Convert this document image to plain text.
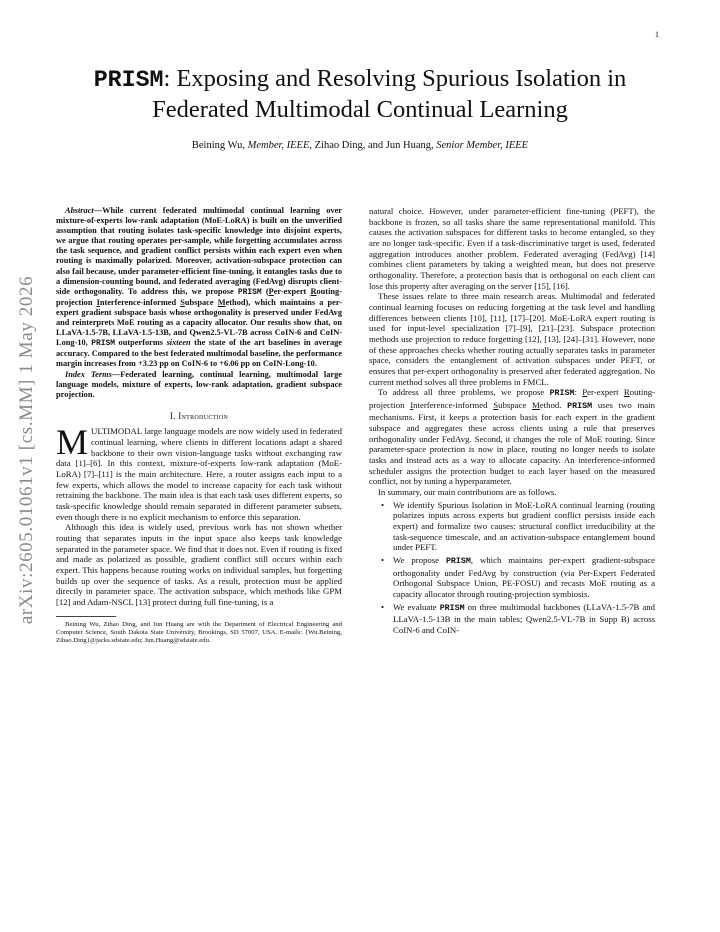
1
arXiv:2605.01061v1 [cs.MM] 1 May 2026
PRISM: Exposing and Resolving Spurious Isolation in Federated Multimodal Continual Learning
Beining Wu, Member, IEEE, Zihao Ding, and Jun Huang, Senior Member, IEEE

Abstract—While current federated multimodal continual learning over mixture-of-experts low-rank adaptation (MoE-LoRA) is built on the unverified assumption that routing isolates task-specific knowledge into disjoint experts, we argue that routing operates per-sample, while forgetting accumulates across the task sequence, and gradient conflict persists within each expert even when routing is maximally polarized. Moreover, activation-subspace protection can also fail because, under parameter-efficient fine-tuning, it entangles tasks due to a dimension-counting bound, and federated averaging (FedAvg) disrupts client-side orthogonality. To address this, we propose PRISM (Per-expert Routing-projection Interference-informed Subspace Method), which maintains a per-expert gradient subspace basis whose orthogonality is preserved under FedAvg and reinterprets MoE routing as a capacity allocator. Our results show that, on LLaVA-1.5-7B, LLaVA-1.5-13B, and Qwen2.5-VL-7B across CoIN-6 and CoIN-Long-10, PRISM outperforms sixteen the state of the art baselines in average accuracy. Compared to the best federated multimodal baseline, the performance margin increases from +3.23 pp on CoIN-6 to +6.06 pp on CoIN-Long-10.

Index Terms—Federated learning, continual learning, multimodal large language models, mixture of experts, low-rank adaptation, gradient subspace projection.

I. Introduction

MULTIMODAL large language models are now widely used in federated continual learning, where clients in different locations adapt a shared backbone to their own vision-language tasks without exchanging raw data [1]–[6]. In this context, mixture-of-experts low-rank adaptation (MoE-LoRA) [7]–[11] is the main architecture. Here, a router assigns each input to a few experts, which allows the model to increase capacity for each task without retraining the backbone. The main idea is that each task uses different experts, so task-specific knowledge should remain separated in different parameter subsets, even though there is no explicit mechanism to enforce this separation.

Although this idea is widely used, previous work has not shown whether routing that separates inputs in the input space also keeps task knowledge separated in the parameter space. We find that it does not. Even if routing is fixed and made as polarized as possible, gradient conflict still occurs within each expert. This happens because routing works on individual samples, but forgetting builds up over the sequence of tasks. As a result, protection must be applied directly in parameter space. The activation subspace, which methods like GPM [12] and Adam-NSCL [13] protect during full fine-tuning, is a

Beining Wu, Zihao Ding, and Jun Huang are with the Department of Electrical Engineering and Computer Science, South Dakota State University, Brookings, SD 57007, USA. E-mails: {Wu.Beining, Zihao.Ding}@jacks.sdstate.edu; Jun.Huang@sdstate.edu.

natural choice. However, under parameter-efficient fine-tuning (PEFT), the backbone is frozen, so all tasks share the same representational manifold. This causes the activation subspaces for different tasks to become entangled, so they are no longer task-specific. Even if a task-discriminative target is used, federated aggregation introduces another problem. Federated averaging (FedAvg) [14] combines client parameters by taking a weighted mean, but does not preserve orthogonality. Therefore, a protection basis that is orthogonal on each client can lose this property after averaging on the server [15], [16].

These issues relate to three main research areas. Multimodal and federated continual learning focuses on reducing forgetting at the task level and handling differences between clients [10], [11], [17]–[20]. MoE-LoRA expert routing is used for input-level specialization [7]–[9], [21]–[23]. Subspace protection methods use projection to reduce forgetting [12], [13], [24]–[31]. However, none of these approaches checks whether routing actually separates tasks in parameter space, considers the entanglement of activation subspaces under PEFT, or ensures that per-expert orthogonality is preserved after federated aggregation. No current method solves all three problems in FMCL.

To address all three problems, we propose PRISM: Per-expert Routing-projection Interference-informed Subspace Method. PRISM uses two main mechanisms. First, it keeps a protection basis for each expert in the gradient subspace and aggregates these across clients using a rule that preserves orthogonality under FedAvg. Second, it changes the role of MoE routing. Since parameter-space protection is now in place, routing no longer needs to isolate tasks and instead acts as a way to allocate capacity. An interference-informed scheduler assigns the protection budget to each layer based on the measured conflict, not by tuning a hyperparameter.

In summary, our main contributions are as follows.

• We identify Spurious Isolation in MoE-LoRA continual learning (routing polarizes inputs across experts but gradient conflict persists inside each expert) and formalize two causes: structural conflict irreducibility at the task-sequence timescale, and an activation-subspace entanglement bound under PEFT.
• We propose PRISM, which maintains per-expert gradient-subspace orthogonality under FedAvg by construction (via Per-Expert Federated Orthogonal Subspace Union, PE-FOSU) and recasts MoE routing as a capacity allocator through routing-projection symbiosis.
• We evaluate PRISM on three multimodal backbones (LLaVA-1.5-7B and LLaVA-1.5-13B in the main tables; Qwen2.5-VL-7B in Supp B) across CoIN-6 and CoIN-
